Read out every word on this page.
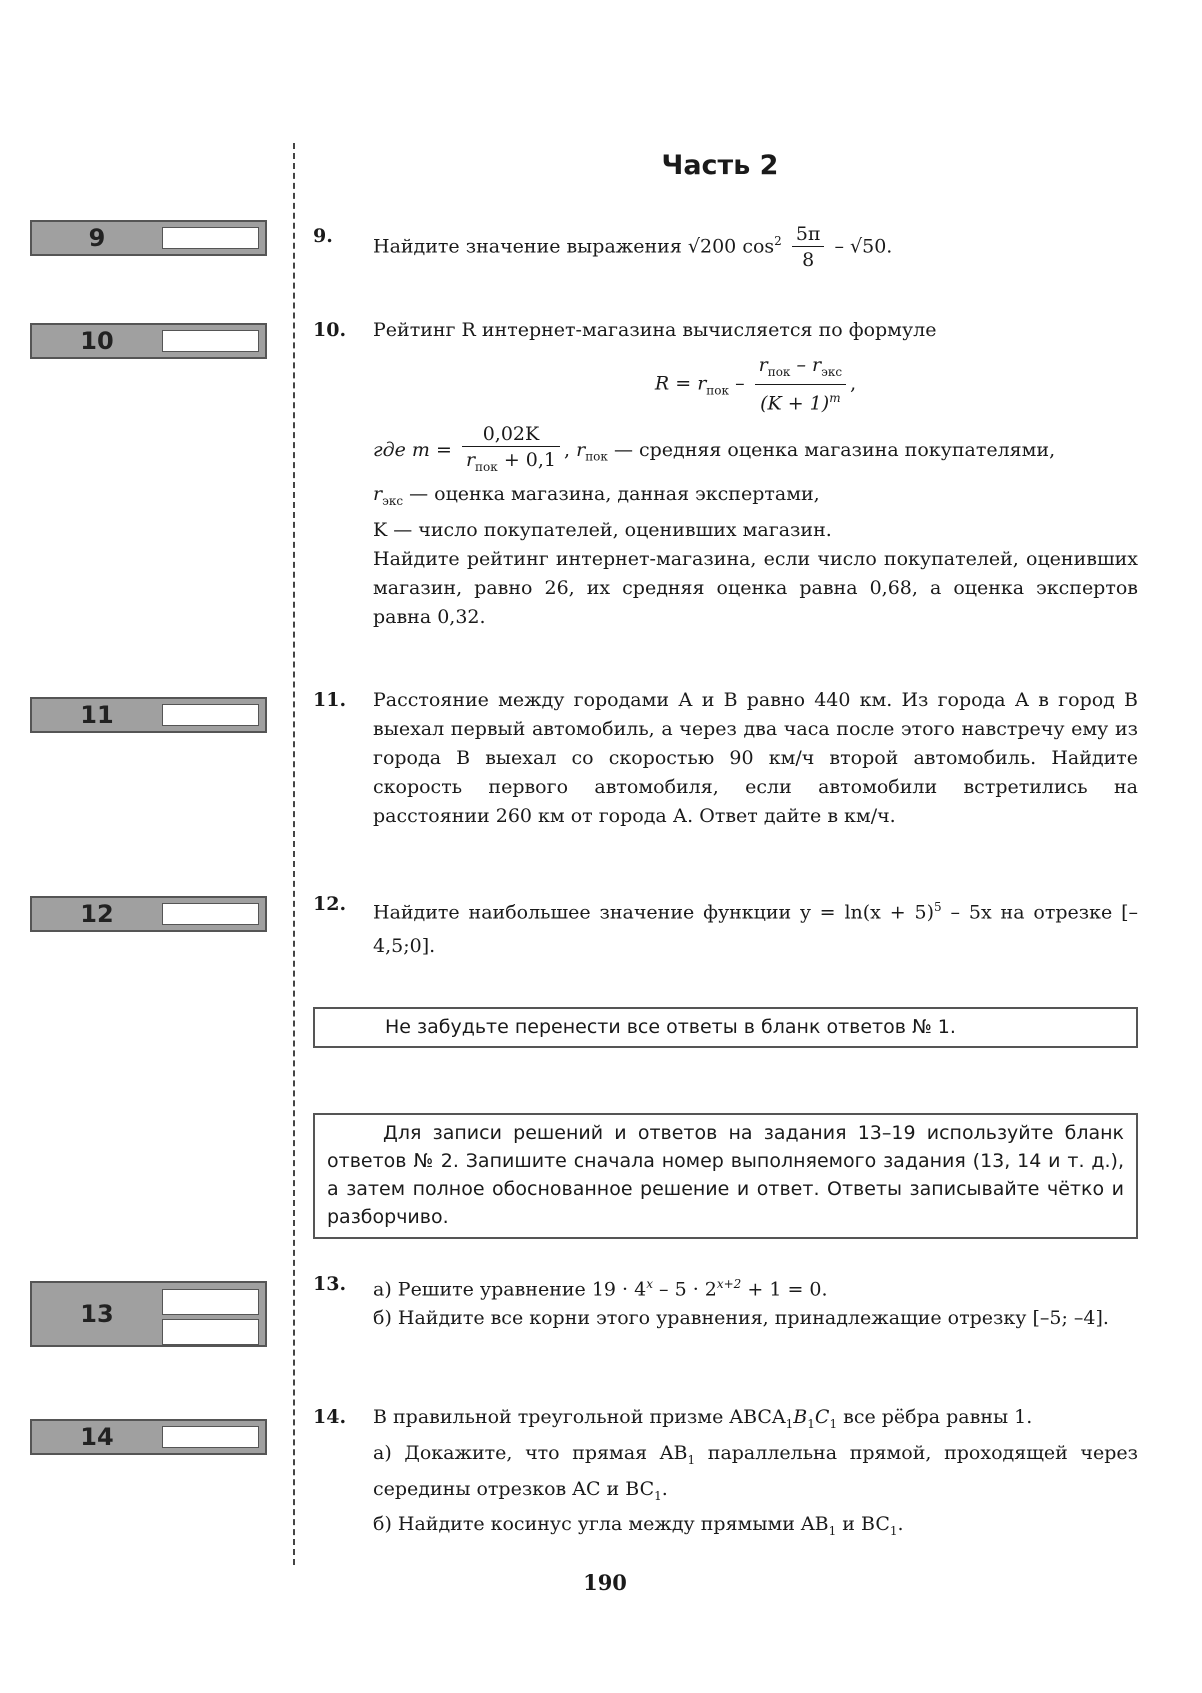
Часть 2
9
10
11
12
13
14
9. Найдите значение выражения √200 $\cos^2 \frac{5\pi}{8} - √50$.
10. Рейтинг R интернет-магазина вычисляется по формуле
$R = r_{пок} - \frac{r_{пок} - r_{экс}}{(K + 1)^m}$ ,
где $m = \frac{0,02K}{r_{пок} + 0,1}$ , $r_{пок}$ — средняя оценка магазина покупателями,
$r_{экс}$ — оценка магазина, данная экспертами,
K — число покупателей, оценивших магазин.
Найдите рейтинг интернет-магазина, если число покупателей, оценивших магазин, равно 26, их средняя оценка равна 0,68, а оценка экспертов равна 0,32.
11. Расстояние между городами А и В равно 440 км. Из города А в город В выехал первый автомобиль, а через два часа после этого навстречу ему из города В выехал со скоростью 90 км/ч второй автомобиль. Найдите скорость первого автомобиля, если автомобили встретились на расстоянии 260 км от города А. Ответ дайте в км/ч.
12. Найдите наибольшее значение функции $y = \ln(x + 5)^5 - 5x$ на отрезке [–4,5;0].
Не забудьте перенести все ответы в бланк ответов № 1.
Для записи решений и ответов на задания 13–19 используйте бланк ответов № 2. Запишите сначала номер выполняемого задания (13, 14 и т. д.), а затем полное обоснованное решение и ответ. Ответы записывайте чётко и разборчиво.
13. а) Решите уравнение $19 \cdot 4^x - 5 \cdot 2^{x+2} + 1 = 0$.
б) Найдите все корни этого уравнения, принадлежащие отрезку [–5; –4].
14. В правильной треугольной призме $ABCA_1B_1C_1$ все рёбра равны 1.
а) Докажите, что прямая $AB_1$ параллельна прямой, проходящей через середины отрезков AC и $BC_1$.
б) Найдите косинус угла между прямыми $AB_1$ и $BC_1$.
190
